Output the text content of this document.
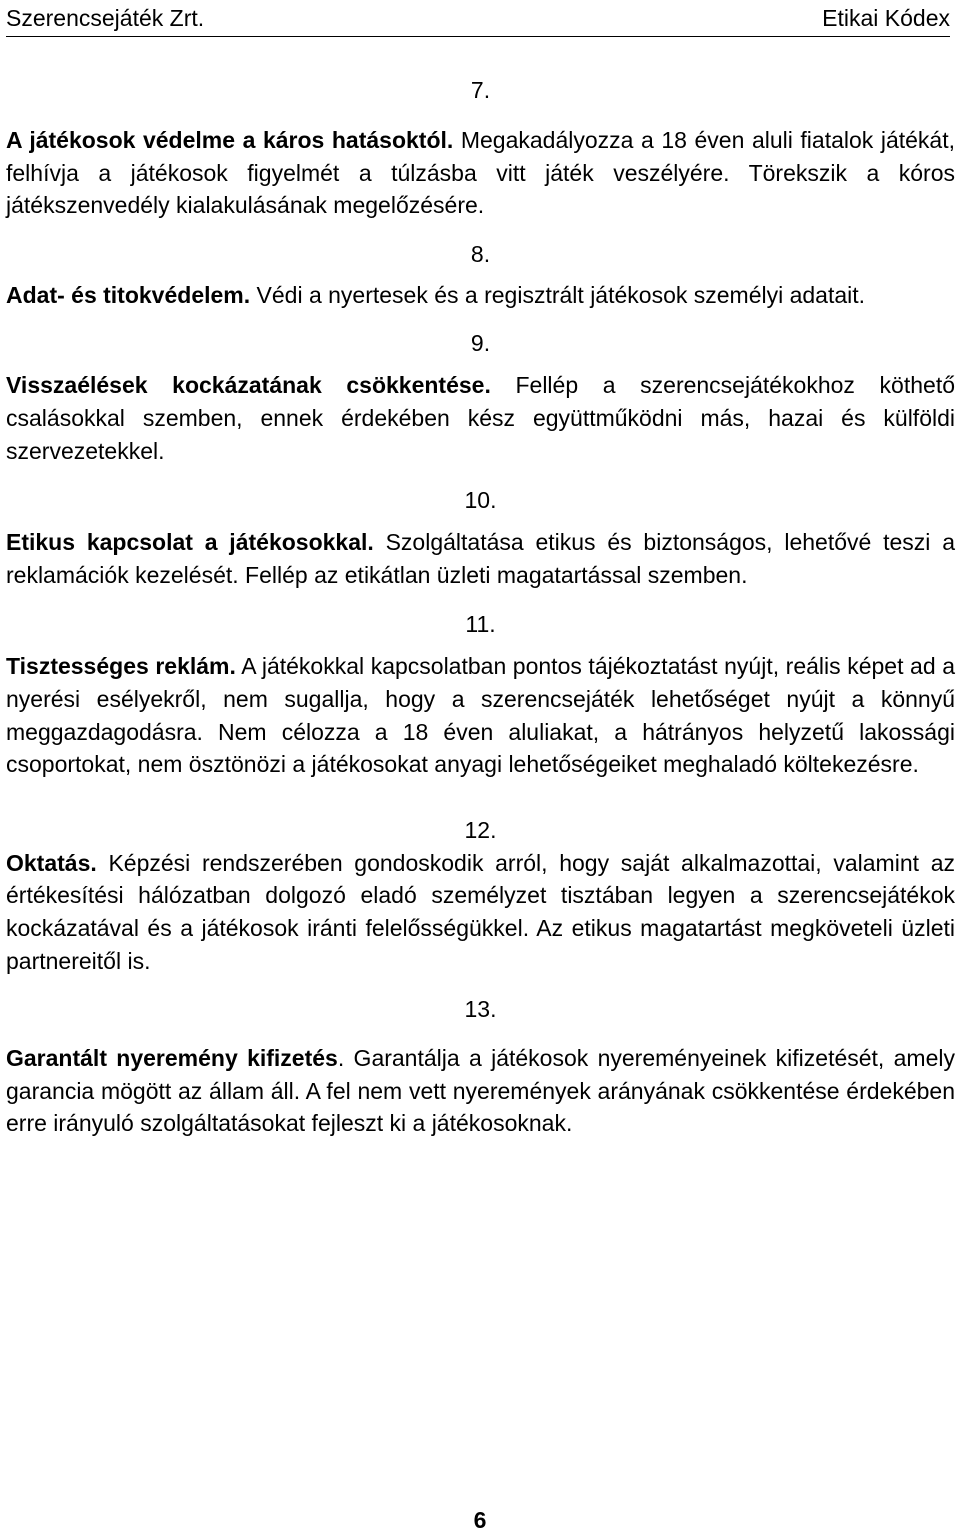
Szerencsejáték Zrt.	Etikai Kódex
7.
A játékosok védelme a káros hatásoktól. Megakadályozza a 18 éven aluli fiatalok játékát, felhívja a játékosok figyelmét a túlzásba vitt játék veszélyére. Törekszik a kóros játékszenvedély kialakulásának megelőzésére.
8.
Adat- és titokvédelem. Védi a nyertesek és a regisztrált játékosok személyi adatait.
9.
Visszaélések kockázatának csökkentése. Fellép a szerencsejátékokhoz köthető csalásokkal szemben, ennek érdekében kész együttműködni más, hazai és külföldi szervezetekkel.
10.
Etikus kapcsolat a játékosokkal. Szolgáltatása etikus és biztonságos, lehetővé teszi a reklamációk kezelését. Fellép az etikátlan üzleti magatartással szemben.
11.
Tisztességes reklám. A játékokkal kapcsolatban pontos tájékoztatást nyújt, reális képet ad a nyerési esélyekről, nem sugallja, hogy a szerencsejáték lehetőséget nyújt a könnyű meggazdagodásra. Nem célozza a 18 éven aluliakat, a hátrányos helyzetű lakossági csoportokat, nem ösztönözi a játékosokat anyagi lehetőségeiket meghaladó költekezésre.
12.
Oktatás. Képzési rendszerében gondoskodik arról, hogy saját alkalmazottai, valamint az értékesítési hálózatban dolgozó eladó személyzet tisztában legyen a szerencsejátékok kockázatával és a játékosok iránti felelősségükkel. Az etikus magatartást megköveteli üzleti partnereitől is.
13.
Garantált nyeremény kifizetés. Garantálja a játékosok nyereményeinek kifizetését, amely garancia mögött az állam áll. A fel nem vett nyeremények arányának csökkentése érdekében erre irányuló szolgáltatásokat fejleszt ki a játékosoknak.
6
